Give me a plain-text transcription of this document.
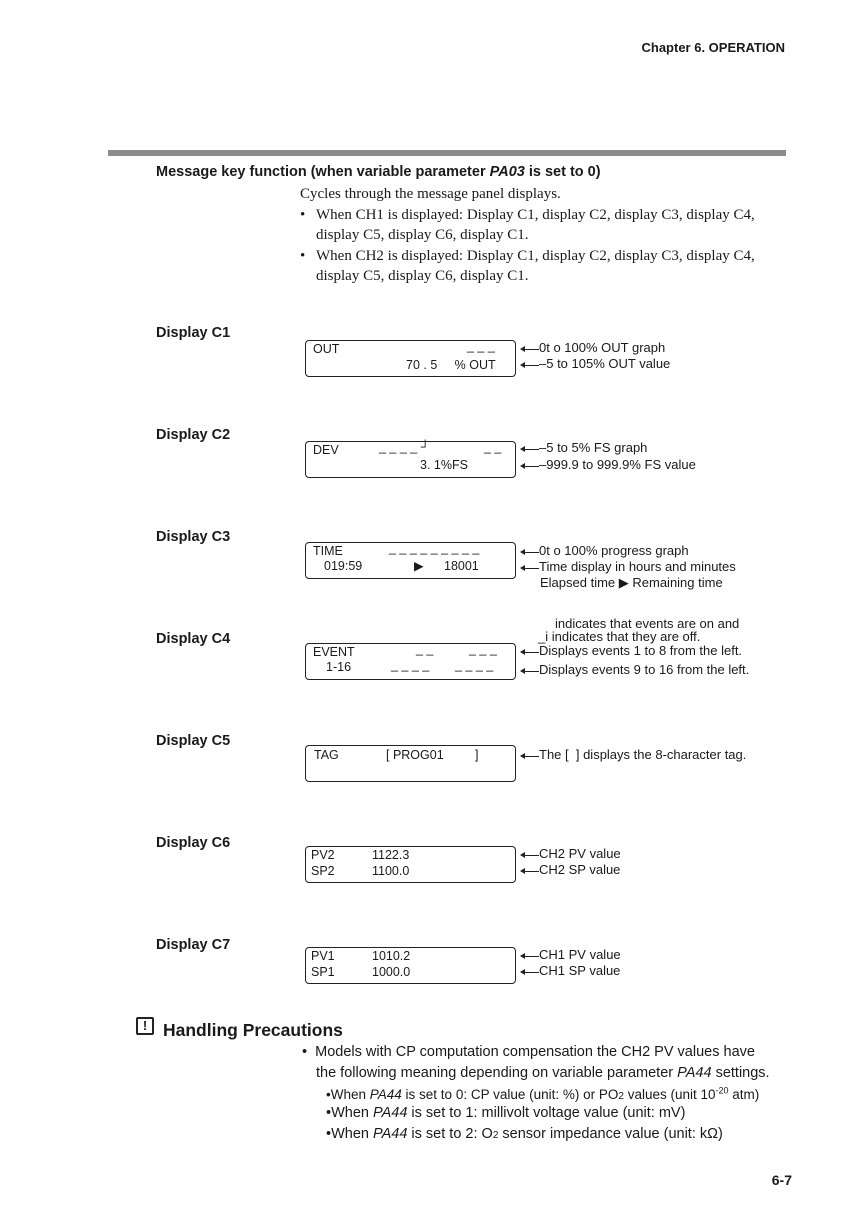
Chapter 6. OPERATION
Message key function (when variable parameter PA03 is set to 0)
Cycles through the message panel displays.
• When CH1 is displayed: Display C1, display C2, display C3, display C4,
display C5, display C6, display C1.
• When CH2 is displayed: Display C1, display C2, display C3, display C4,
display C5, display C6, display C1.
Display C1
OUT	_ _ _
70 . 5     % OUT
0t o 100% OUT graph
–5 to 105% OUT value
Display C2
DEV	_ _ _ _ ┘	_ _
3. 1%FS
–5 to 5% FS graph
–999.9 to 999.9% FS value
Display C3
TIME	_ _ _ _ _ _ _ _ _
019:59	▶ 18001
0t o 100% progress graph
Time display in hours and minutes
Elapsed time ▶ Remaining time
indicates that events are on and
_i indicates that they are off.
Display C4
EVENT	_ _	_ _ _
1-16	_ _ _ _ _ _ _ _
Displays events 1 to 8 from the left.
Displays events 9 to 16 from the left.
Display C5
TAG	[ PROG01	]	The [  ] displays the 8-character tag.
Display C6
PV2	1122.3
SP2	1100.0
CH2 PV value
CH2 SP value
Display C7
PV1	1010.2
SP1	1000.0
CH1 PV value
CH1 SP value
! Handling Precautions
• Models with CP computation compensation the CH2 PV values have
the following meaning depending on variable parameter PA44 settings.
•When PA44 is set to 0: CP value (unit: %) or PO2 values (unit $10^{-20}$ atm)
•When PA44 is set to 1: millivolt voltage value (unit: mV)
•When PA44 is set to 2: O2 sensor impedance value (unit: kΩ)
6-7
